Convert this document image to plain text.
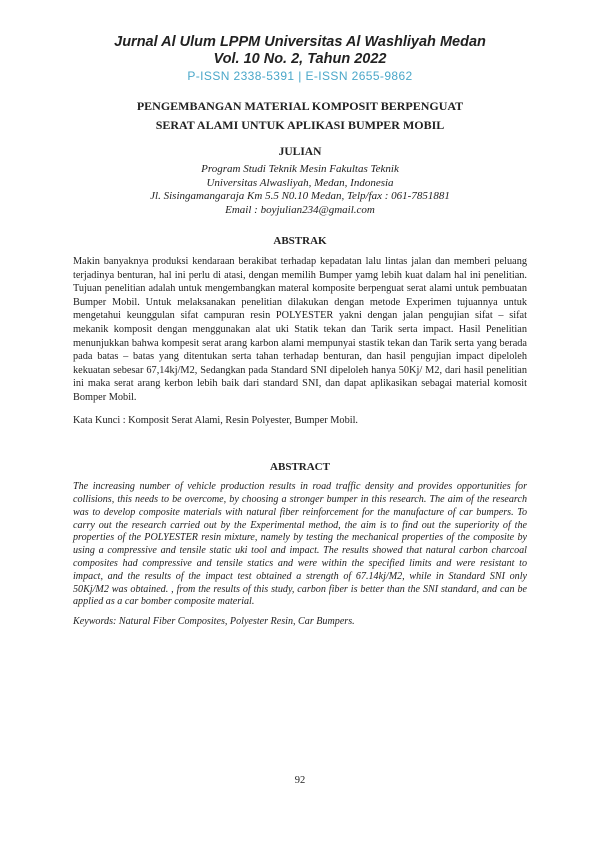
Jurnal Al Ulum LPPM Universitas Al Washliyah Medan
Vol. 10 No. 2, Tahun 2022
P-ISSN 2338-5391 | E-ISSN 2655-9862
PENGEMBANGAN MATERIAL KOMPOSIT BERPENGUAT
SERAT ALAMI UNTUK APLIKASI BUMPER MOBIL
JULIAN
Program Studi Teknik Mesin Fakultas Teknik
Universitas Alwasliyah, Medan, Indonesia
Jl. Sisingamangaraja Km 5.5 N0.10 Medan, Telp/fax : 061-7851881
Email : boyjulian234@gmail.com
ABSTRAK
Makin banyaknya produksi kendaraan berakibat terhadap kepadatan lalu lintas jalan dan memberi peluang terjadinya benturan, hal ini perlu di atasi, dengan memilih Bumper yamg lebih kuat dalam hal ini penelitian. Tujuan penelitian adalah untuk mengembangkan materal komposite berpenguat serat alami untuk pembuatan Bumper Mobil. Untuk melaksanakan penelitian dilakukan dengan metode Experimen tujuannya untuk mengetahui keunggulan sifat campuran resin POLYESTER yakni dengan jalan pengujian sifat – sifat mekanik komposit dengan menggunakan alat uki Statik tekan dan Tarik serta impact. Hasil Penelitian menunjukkan bahwa kompesit serat arang karbon alami mempunyai stastik tekan dan Tarik serta yang berada pada batas – batas yang ditentukan serta tahan terhadap benturan, dan hasil pengujian impact dipeloleh kekuatan sebesar 67,14kj/M2, Sedangkan pada Standard SNI dipeloleh hanya 50Kj/ M2, dari hasil penelitian ini maka serat arang kerbon lebih baik dari standard SNI, dan dapat aplikasikan sebagai material komosit Bomper Mobil.
Kata Kunci : Komposit Serat Alami, Resin Polyester, Bumper Mobil.
ABSTRACT
The increasing number of vehicle production results in road traffic density and provides opportunities for collisions, this needs to be overcome, by choosing a stronger bumper in this research. The aim of the research was to develop composite materials with natural fiber reinforcement for the manufacture of car bumpers. To carry out the research carried out by the Experimental method, the aim is to find out the superiority of the properties of the POLYESTER resin mixture, namely by testing the mechanical properties of the composite by using a compressive and tensile static uki tool and impact. The results showed that natural carbon charcoal composites had compressive and tensile statics and were within the specified limits and were resistant to impact, and the results of the impact test obtained a strength of 67.14kj/M2, while in Standard SNI only 50Kj/M2 was obtained. , from the results of this study, carbon fiber is better than the SNI standard, and can be applied as a car bomber composite material.
Keywords: Natural Fiber Composites, Polyester Resin, Car Bumpers.
92
